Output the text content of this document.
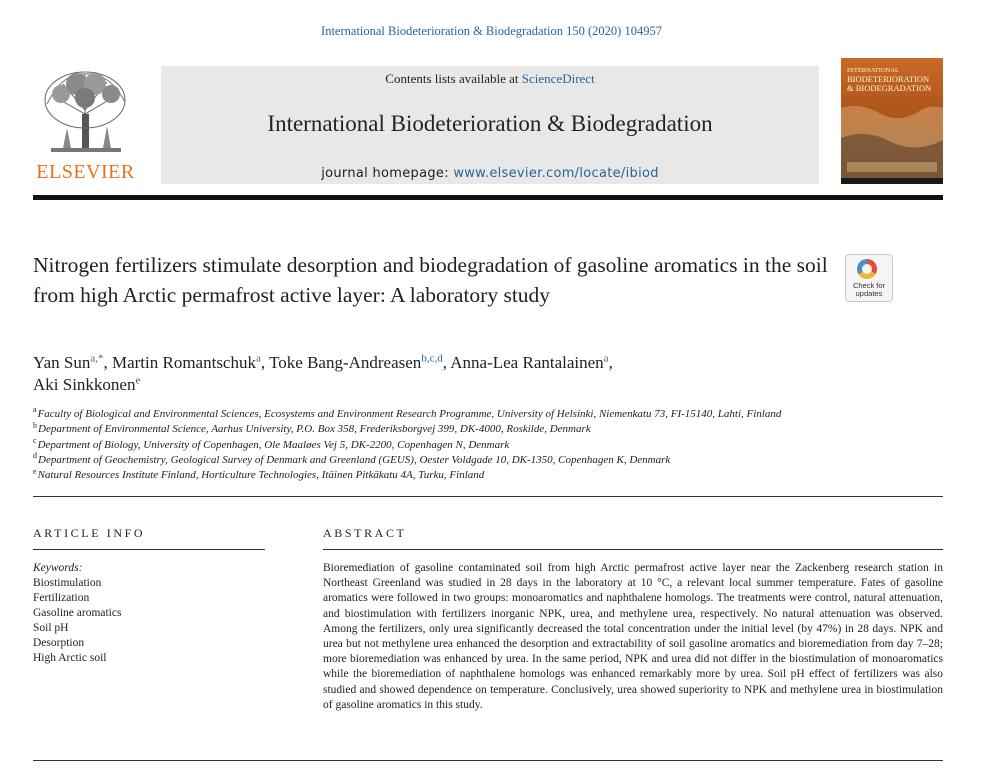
International Biodeterioration & Biodegradation 150 (2020) 104957
ELSEVIER
Contents lists available at ScienceDirect
International Biodeterioration & Biodegradation
journal homepage: www.elsevier.com/locate/ibiod
INTERNATIONAL
BIODETERIORATION
& BIODEGRADATION
Nitrogen fertilizers stimulate desorption and biodegradation of gasoline aromatics in the soil from high Arctic permafrost active layer: A laboratory study	Check for
updates
Yan Sun$^{a,*}$, Martin Romantschuk$^a$, Toke Bang-Andreasen$^{b,c,d}$, Anna-Lea Rantalainen$^a$,
Aki Sinkkonen$^e$
$^a$Faculty of Biological and Environmental Sciences, Ecosystems and Environment Research Programme, University of Helsinki, Niemenkatu 73, FI-15140, Lahti, Finland
$^b$Department of Environmental Science, Aarhus University, P.O. Box 358, Frederiksborgvej 399, DK-4000, Roskilde, Denmark
$^c$Department of Biology, University of Copenhagen, Ole Maaløes Vej 5, DK-2200, Copenhagen N, Denmark
$^d$Department of Geochemistry, Geological Survey of Denmark and Greenland (GEUS), Oester Voldgade 10, DK-1350, Copenhagen K, Denmark
$^e$Natural Resources Institute Finland, Horticulture Technologies, Itäinen Pitkäkatu 4A, Turku, Finland
ARTICLE INFO	ABSTRACT
Keywords:
Biostimulation
Fertilization
Gasoline aromatics
Soil pH
Desorption
High Arctic soil
Bioremediation of gasoline contaminated soil from high Arctic permafrost active layer near the Zackenberg research station in Northeast Greenland was studied in 28 days in the laboratory at 10 °C, a relevant local summer temperature. Fates of gasoline aromatics were followed in two groups: monoaromatics and naphthalene homologs. The treatments were control, natural attenuation, and biostimulation with fertilizers inorganic NPK, urea, and methylene urea, respectively. No natural attenuation was observed. Among the fertilizers, only urea significantly decreased the total concentration under the initial level (by 47%) in 28 days. NPK and urea but not methylene urea enhanced the desorption and extractability of soil gasoline aromatics and bioremediation from day 7–28; more bioremediation was enhanced by urea. In the same period, NPK and urea did not differ in the biostimulation of monoaromatics while the bioremediation of naphthalene homologs was enhanced remarkably more by urea. Soil pH effect of fertilizers was also studied and showed dependence on temperature. Conclusively, urea showed superiority to NPK and methylene urea in biostimulation of gasoline aromatics in this study.
